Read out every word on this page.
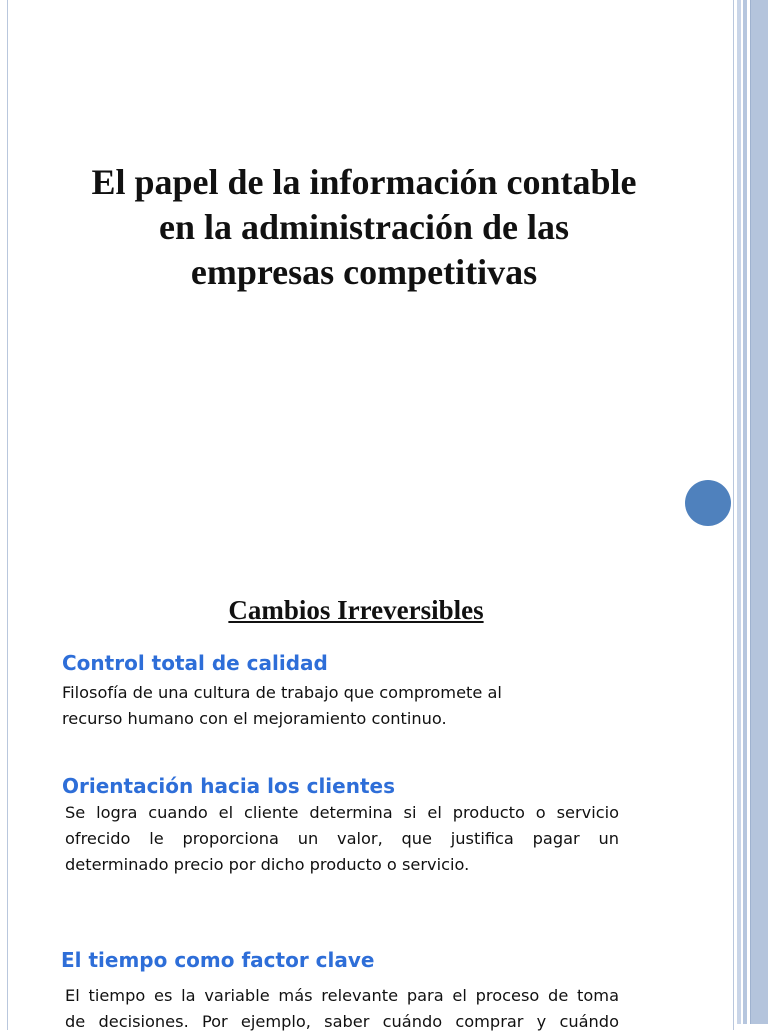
El papel de la información contable
en la administración de las
empresas competitivas
Cambios Irreversibles
Control total de calidad

Filosofía de una cultura de trabajo que compromete al
recurso humano con el mejoramiento continuo.

Orientación hacia los clientes

Se logra cuando el cliente determina si el producto o servicio
ofrecido le proporciona un valor, que justifica pagar un
determinado precio por dicho producto o servicio.

El tiempo como factor clave

El tiempo es la variable más relevante para el proceso de toma
de decisiones. Por ejemplo, saber cuándo comprar y cuándo
